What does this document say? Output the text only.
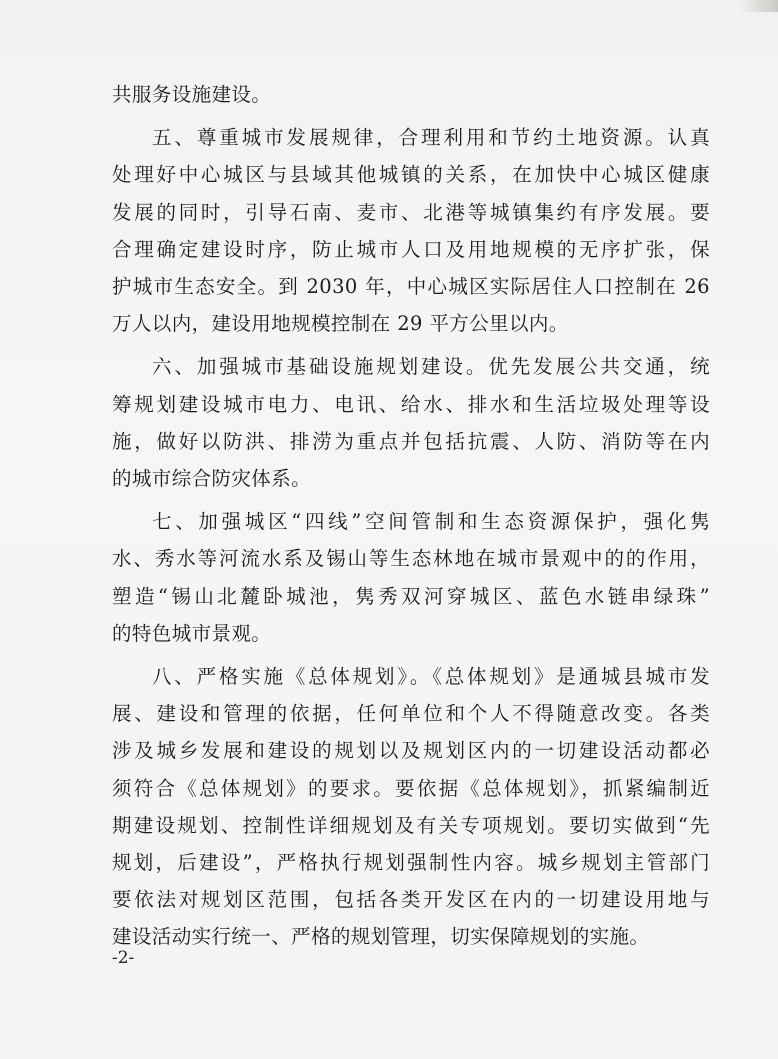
共服务设施建设。
五、尊重城市发展规律，合理利用和节约土地资源。认真
处理好中心城区与县域其他城镇的关系，在加快中心城区健康
发展的同时，引导石南、麦市、北港等城镇集约有序发展。要
合理确定建设时序，防止城市人口及用地规模的无序扩张，保
护城市生态安全。到 2030 年，中心城区实际居住人口控制在 26
万人以内，建设用地规模控制在 29 平方公里以内。
六、加强城市基础设施规划建设。优先发展公共交通，统
筹规划建设城市电力、电讯、给水、排水和生活垃圾处理等设
施，做好以防洪、排涝为重点并包括抗震、人防、消防等在内
的城市综合防灾体系。
七、加强城区“四线”空间管制和生态资源保护，强化隽
水、秀水等河流水系及锡山等生态林地在城市景观中的的作用，
塑造“锡山北麓卧城池，隽秀双河穿城区、蓝色水链串绿珠”
的特色城市景观。
八、严格实施《总体规划》。《总体规划》是通城县城市发
展、建设和管理的依据，任何单位和个人不得随意改变。各类
涉及城乡发展和建设的规划以及规划区内的一切建设活动都必
须符合《总体规划》的要求。要依据《总体规划》，抓紧编制近
期建设规划、控制性详细规划及有关专项规划。要切实做到“先
规划，后建设”，严格执行规划强制性内容。城乡规划主管部门
要依法对规划区范围，包括各类开发区在内的一切建设用地与
建设活动实行统一、严格的规划管理，切实保障规划的实施。
-2-
